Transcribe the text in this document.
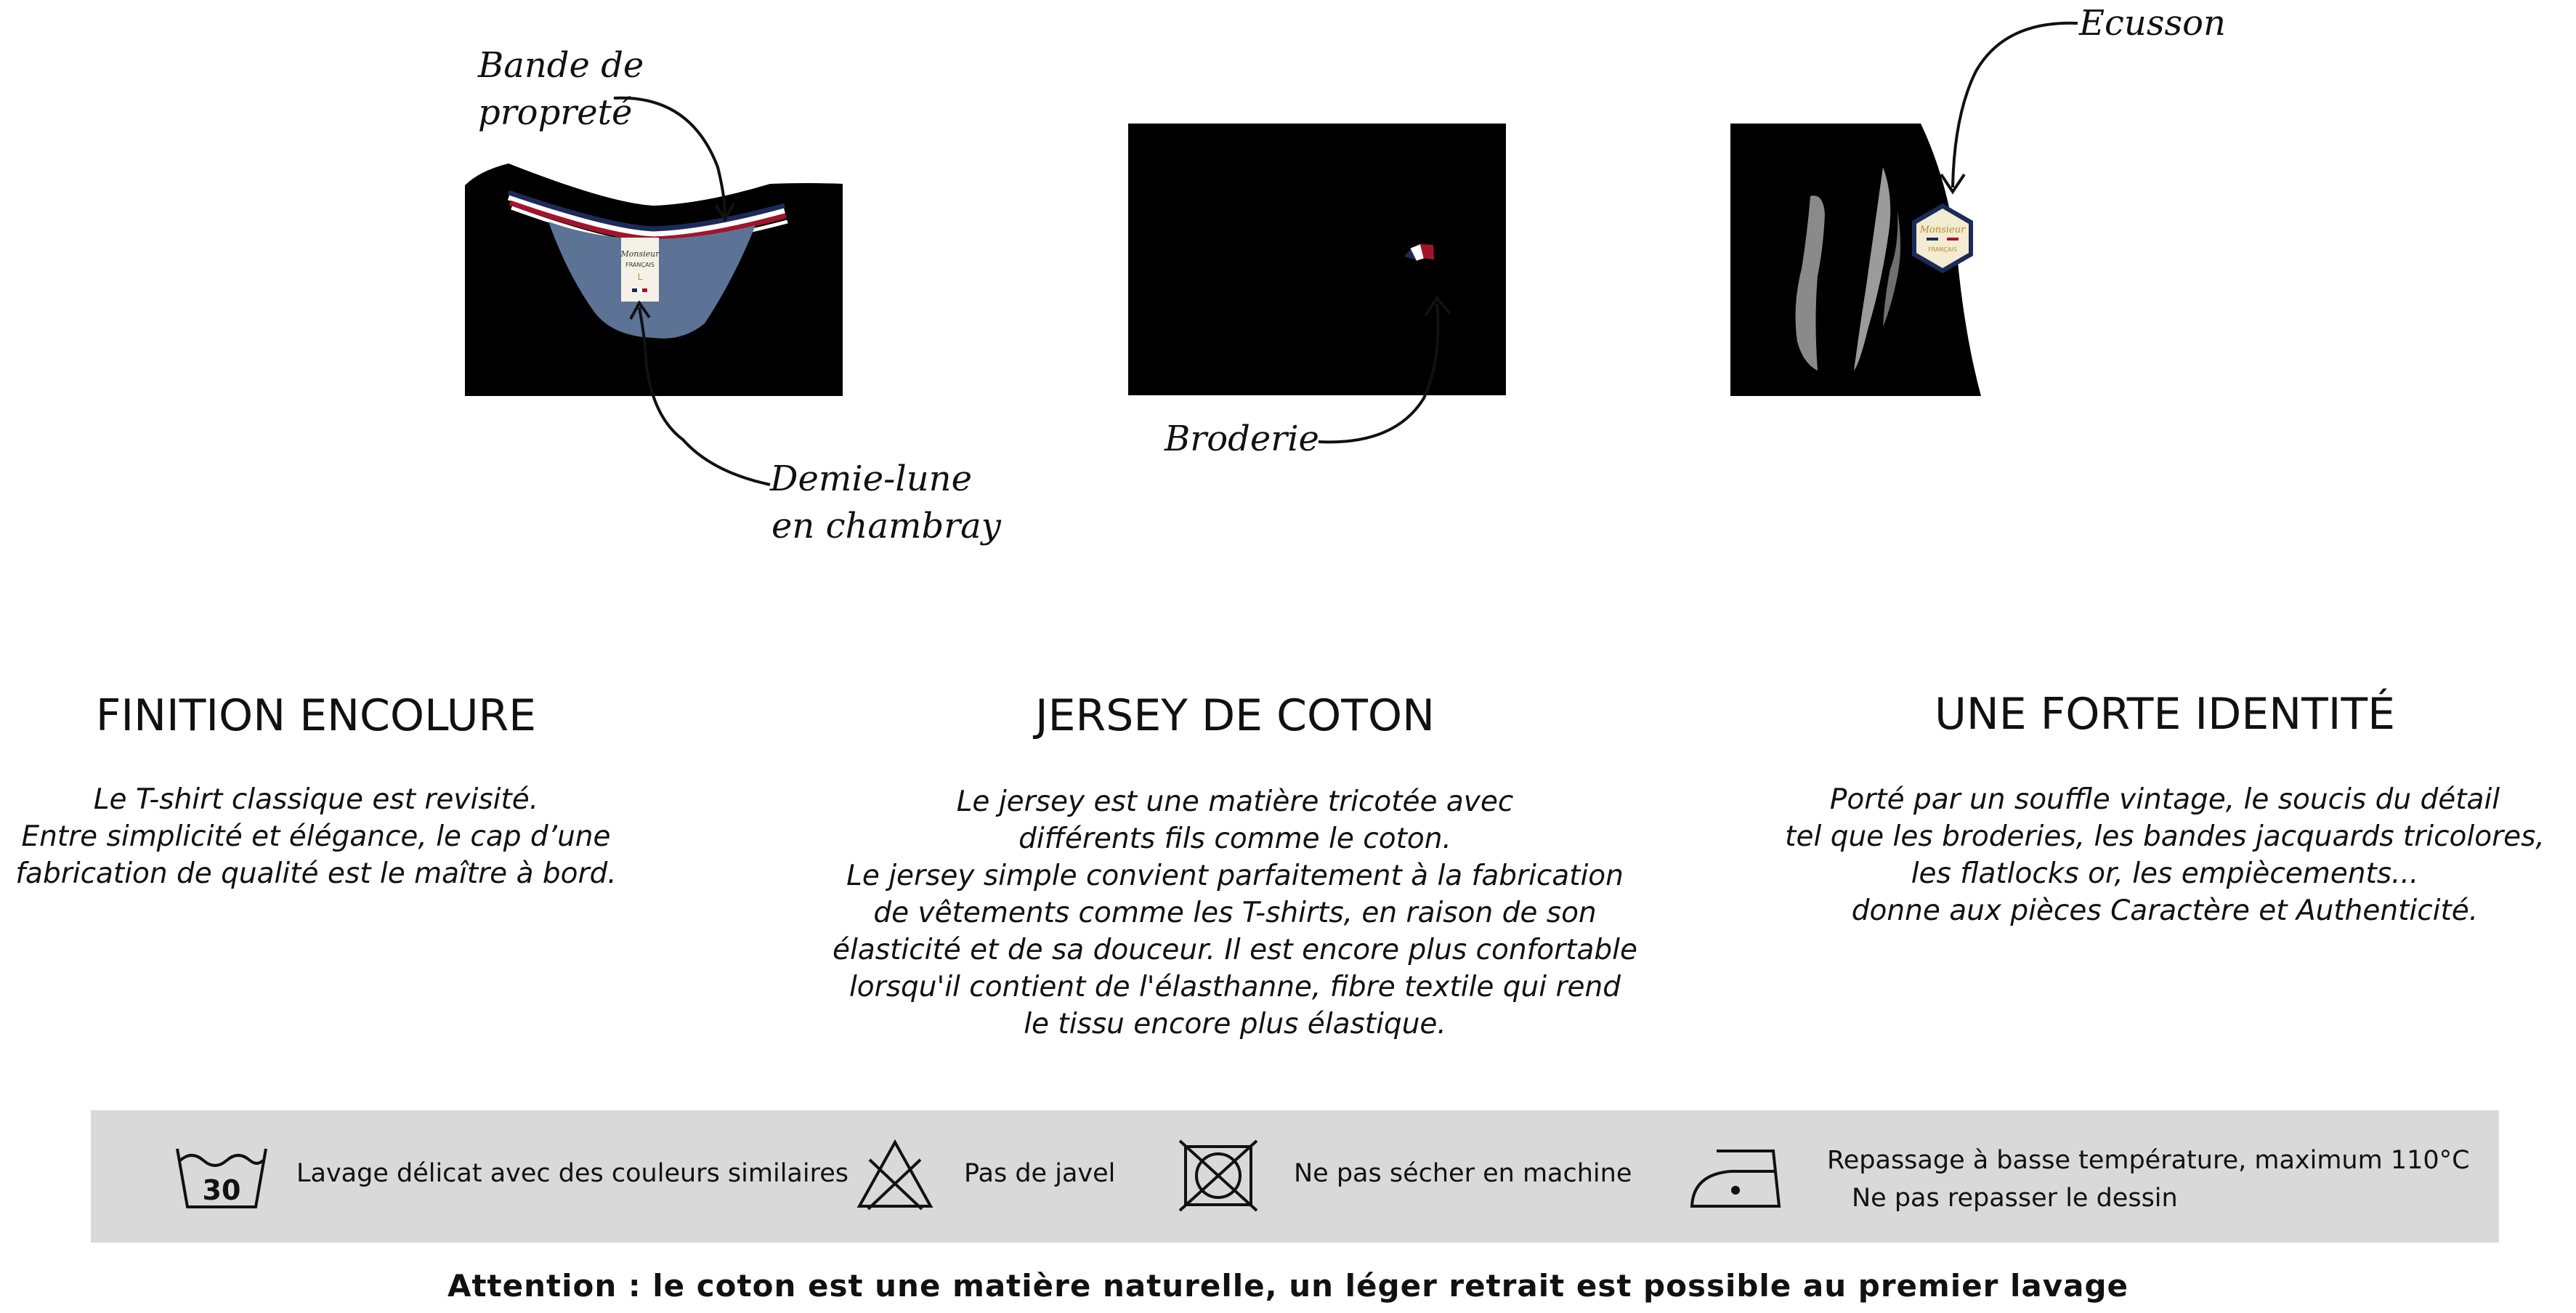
Monsieur
FRANÇAIS
L
Monsieur
FRANÇAIS
Bande de
propreté
Demie-lune
en chambray
Broderie
Ecusson
FINITION ENCOLURE
Le T-shirt classique est revisité.
Entre simplicité et élégance, le cap d’une
fabrication de qualité est le maître à bord.
JERSEY DE COTON
Le jersey est une matière tricotée avec
différents fils comme le coton.
Le jersey simple convient parfaitement à la fabrication
de vêtements comme les T-shirts, en raison de son
élasticité et de sa douceur. Il est encore plus confortable
lorsqu'il contient de l'élasthanne, fibre textile qui rend
le tissu encore plus élastique.
UNE FORTE IDENTITÉ
Porté par un souffle vintage, le soucis du détail
tel que les broderies, les bandes jacquards tricolores,
les flatlocks or, les empiècements...
donne aux pièces Caractère et Authenticité.
30
Lavage délicat avec des couleurs similaires	Pas de javel	Ne pas sécher en machine	Repassage à basse température, maximum 110°C
Ne pas repasser le dessin
Attention : le coton est une matière naturelle, un léger retrait est possible au premier lavage
